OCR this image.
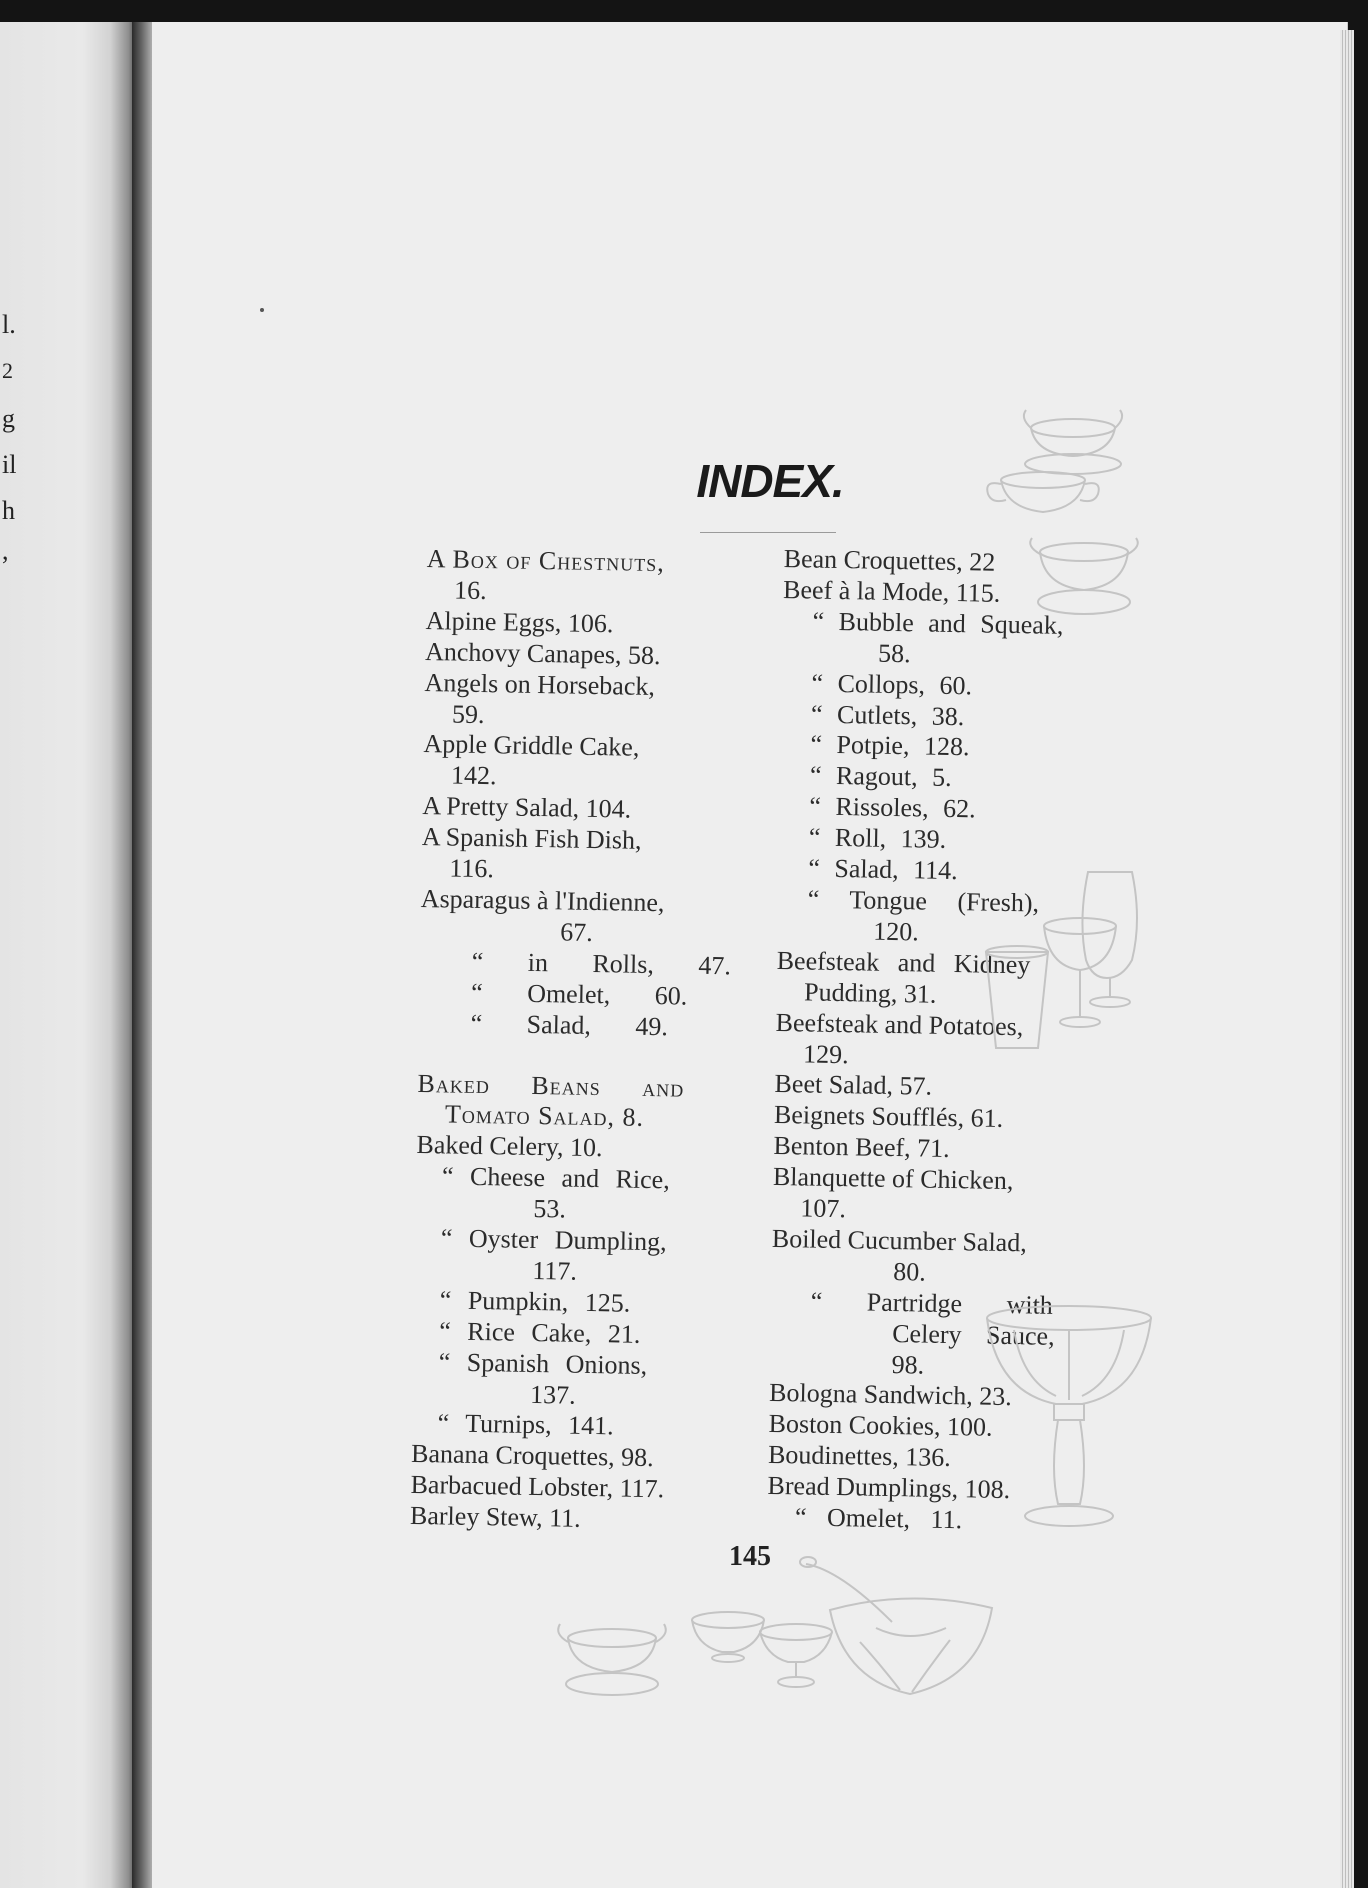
l.
2
g
il
h
,
INDEX.
A Box of Chestnuts,
16.
Alpine Eggs, 106.
Anchovy Canapes, 58.
Angels on Horseback,
59.
Apple Griddle Cake,
142.
A Pretty Salad, 104.
A Spanish Fish Dish,
116.
Asparagus à l'Indienne,
67.
“ in Rolls, 47.
“ Omelet, 60.
“ Salad, 49.
Baked Beans and
Tomato Salad, 8.
Baked Celery, 10.
“ Cheese and Rice,
53.
“ Oyster Dumpling,
117.
“ Pumpkin, 125.
“ Rice Cake, 21.
“ Spanish Onions,
137.
“ Turnips, 141.
Banana Croquettes, 98.
Barbacued Lobster, 117.
Barley Stew, 11.
Bean Croquettes, 22
Beef à la Mode, 115.
“ Bubble and Squeak,
58.
“ Collops, 60.
“ Cutlets, 38.
“ Potpie, 128.
“ Ragout, 5.
“ Rissoles, 62.
“ Roll, 139.
“ Salad, 114.
“ Tongue (Fresh),
120.
Beefsteak and Kidney
Pudding, 31.
Beefsteak and Potatoes,
129.
Beet Salad, 57.
Beignets Soufflés, 61.
Benton Beef, 71.
Blanquette of Chicken,
107.
Boiled Cucumber Salad,
80.
“ Partridge with
Celery Sauce,
98.
Bologna Sandwich, 23.
Boston Cookies, 100.
Boudinettes, 136.
Bread Dumplings, 108.
“ Omelet, 11.
145
